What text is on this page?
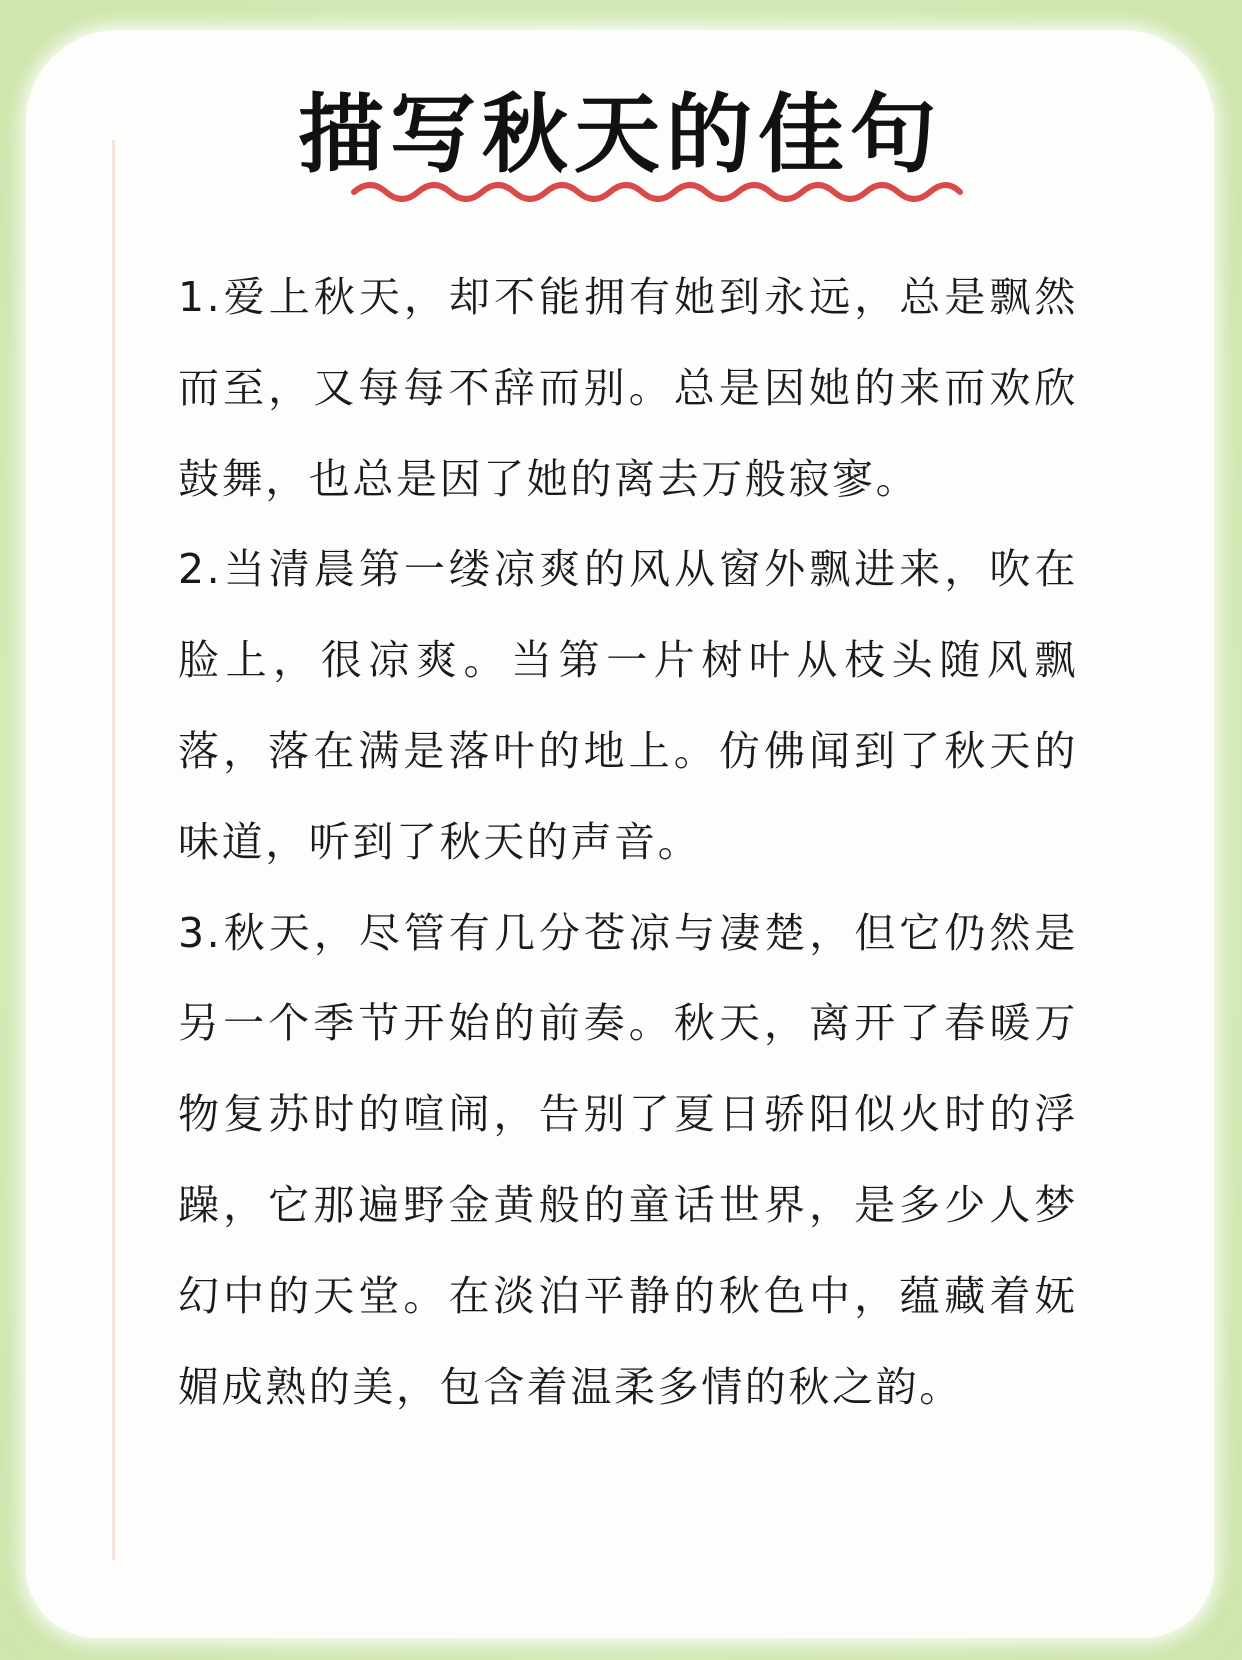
描写秋天的佳句

1.爱上秋天，却不能拥有她到永远，总是飘然而至，又每每不辞而别。总是因她的来而欢欣鼓舞，也总是因了她的离去万般寂寥。

2.当清晨第一缕凉爽的风从窗外飘进来，吹在脸上，很凉爽。当第一片树叶从枝头随风飘落，落在满是落叶的地上。仿佛闻到了秋天的味道，听到了秋天的声音。

3.秋天，尽管有几分苍凉与凄楚，但它仍然是另一个季节开始的前奏。秋天，离开了春暖万物复苏时的喧闹，告别了夏日骄阳似火时的浮躁，它那遍野金黄般的童话世界，是多少人梦幻中的天堂。在淡泊平静的秋色中，蕴藏着妩媚成熟的美，包含着温柔多情的秋之韵。
